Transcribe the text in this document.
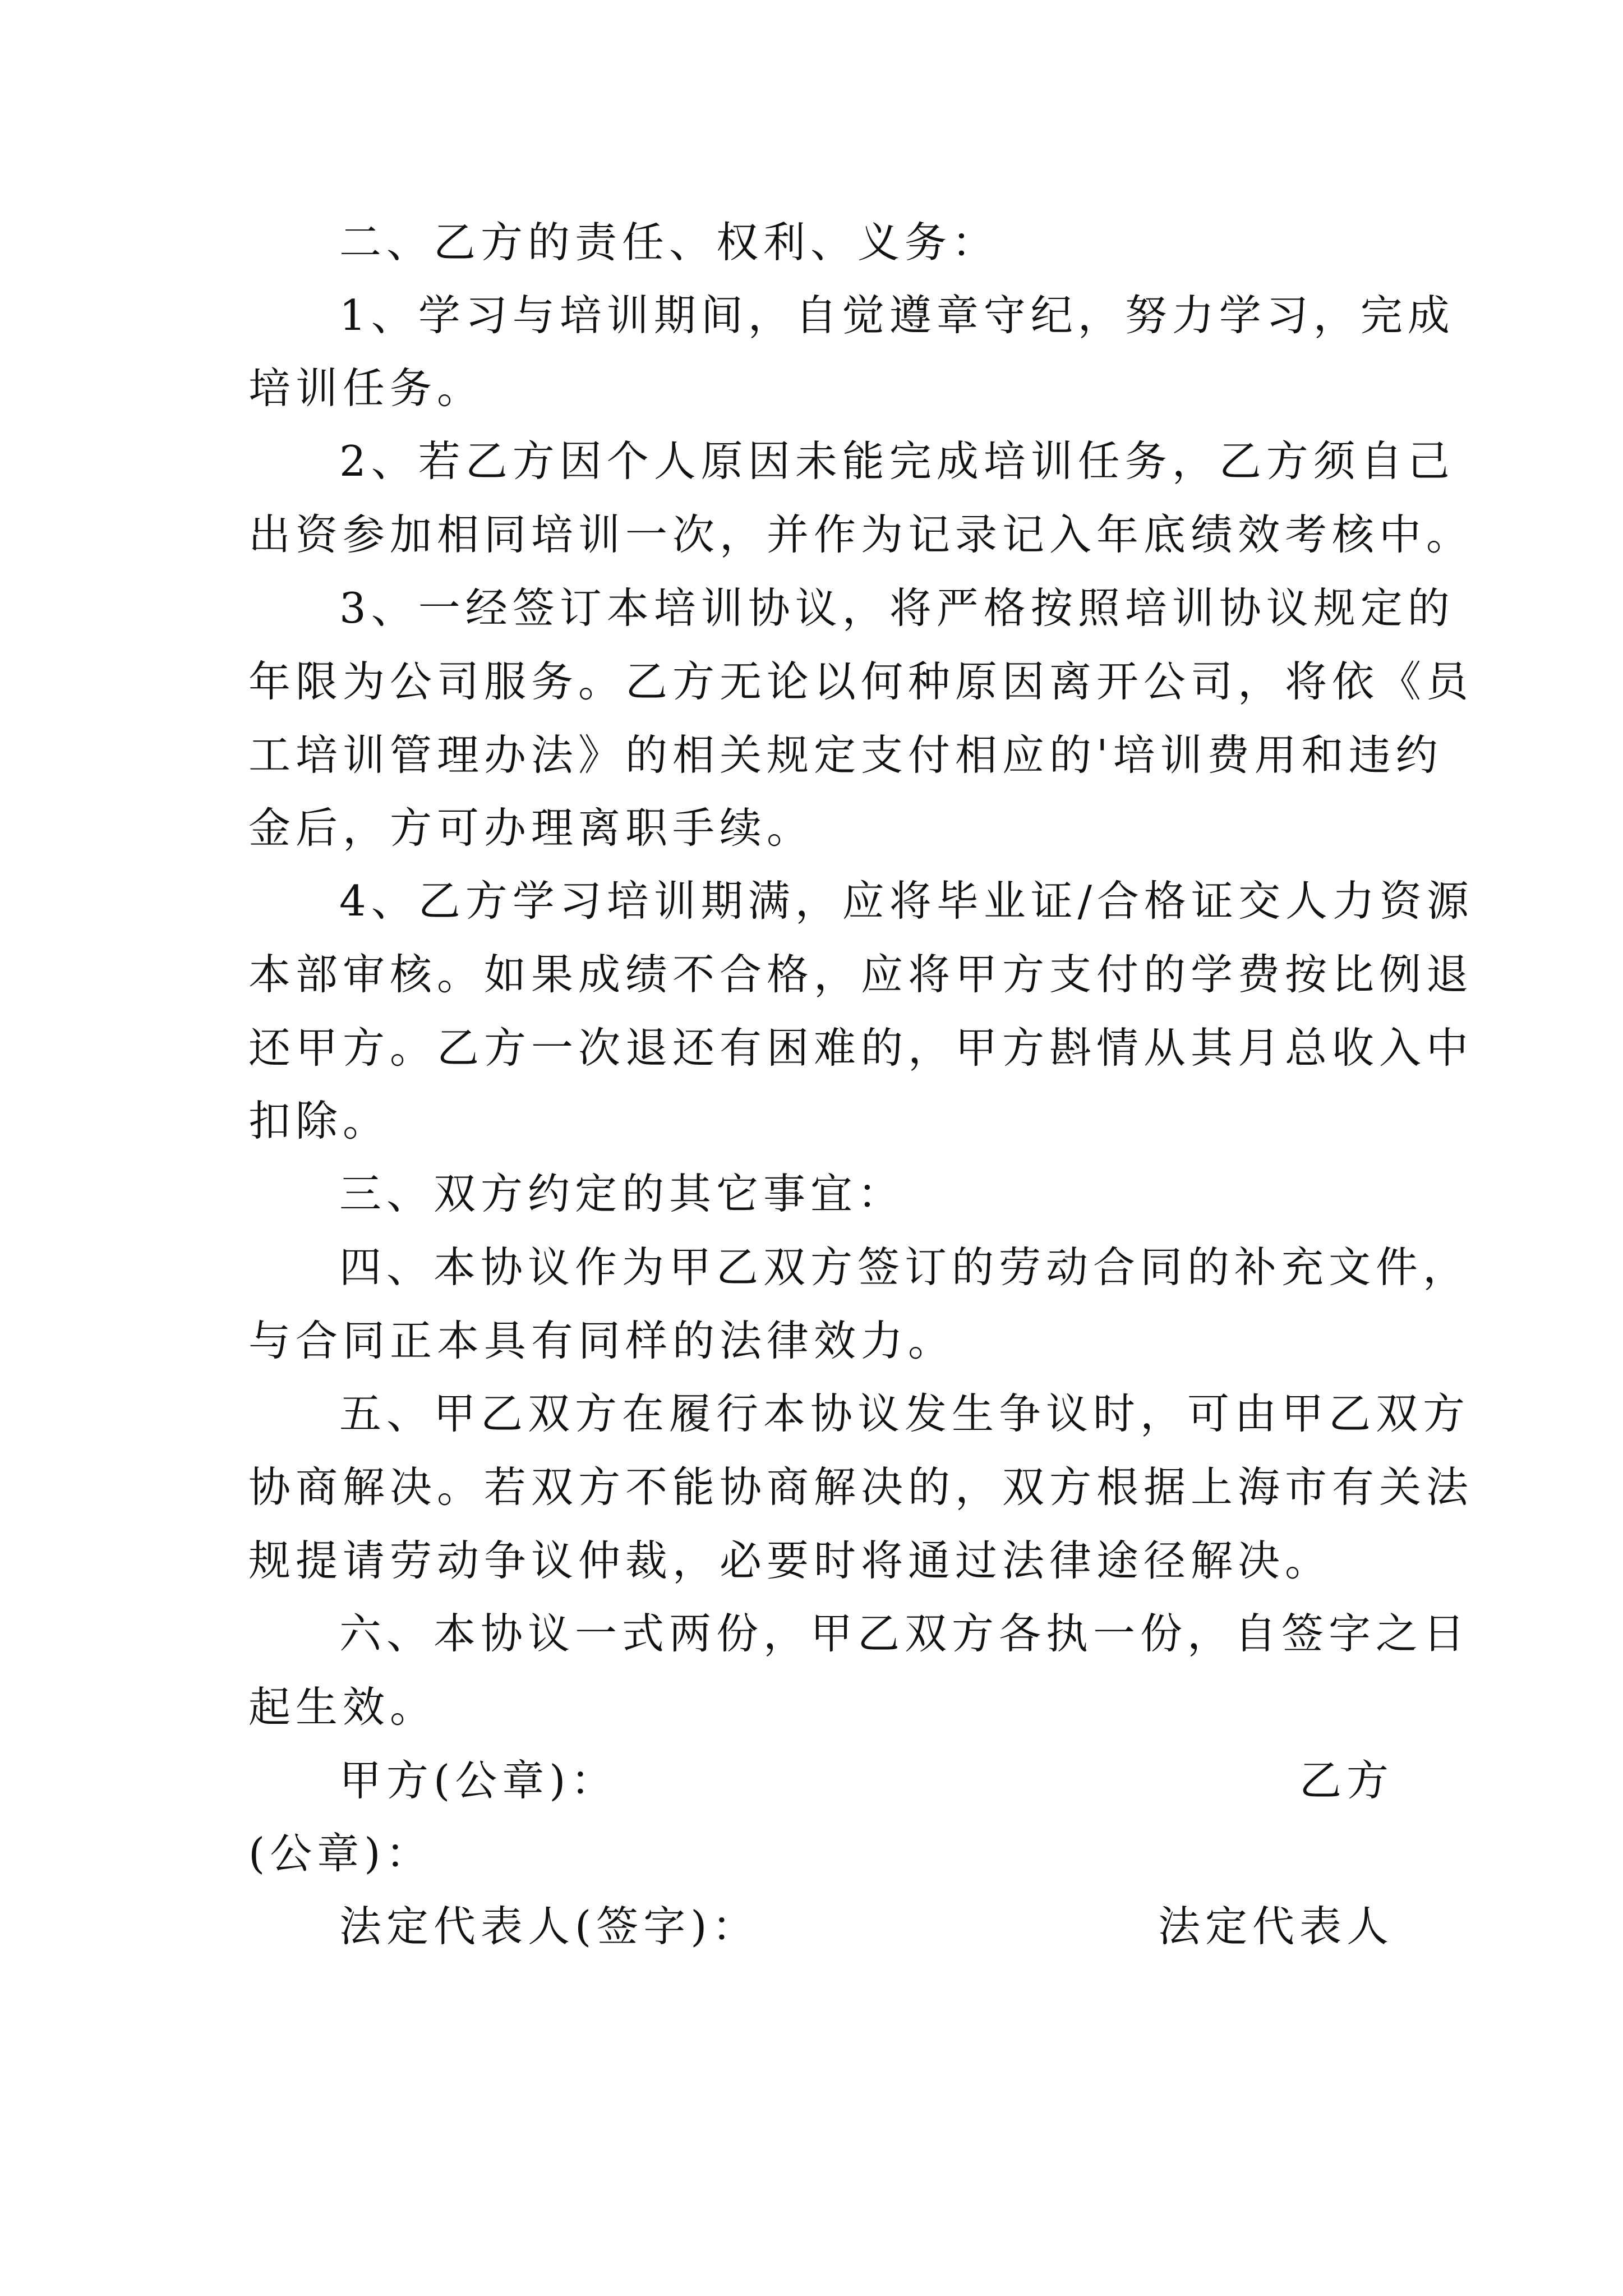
二、乙方的责任、权利、义务：
1、学习与培训期间，自觉遵章守纪，努力学习，完成
培训任务。
2、若乙方因个人原因未能完成培训任务，乙方须自己
出资参加相同培训一次，并作为记录记入年底绩效考核中。
3、一经签订本培训协议，将严格按照培训协议规定的
年限为公司服务。乙方无论以何种原因离开公司，将依《员
工培训管理办法》的相关规定支付相应的'培训费用和违约
金后，方可办理离职手续。
4、乙方学习培训期满，应将毕业证/合格证交人力资源
本部审核。如果成绩不合格，应将甲方支付的学费按比例退
还甲方。乙方一次退还有困难的，甲方斟情从其月总收入中
扣除。
三、双方约定的其它事宜：
四、本协议作为甲乙双方签订的劳动合同的补充文件，
与合同正本具有同样的法律效力。
五、甲乙双方在履行本协议发生争议时，可由甲乙双方
协商解决。若双方不能协商解决的，双方根据上海市有关法
规提请劳动争议仲裁，必要时将通过法律途径解决。
六、本协议一式两份，甲乙双方各执一份，自签字之日
起生效。
甲方(公章)：	乙方
(公章)：
法定代表人(签字)：	法定代表人
